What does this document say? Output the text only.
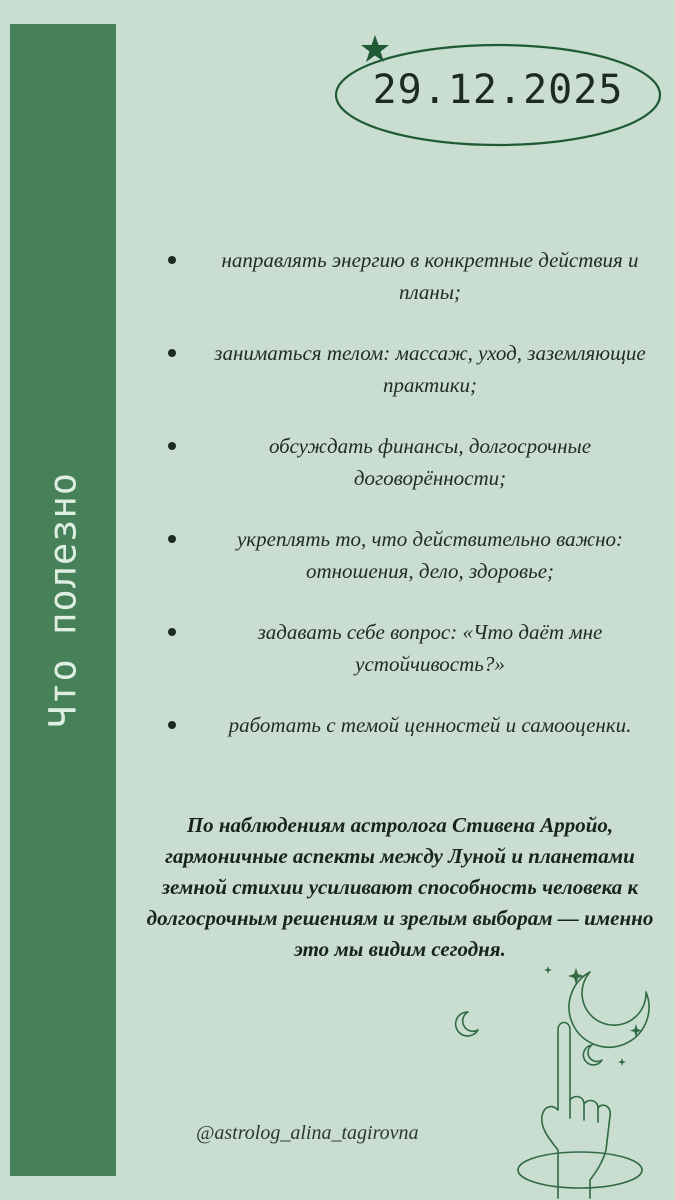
Что полезно
29.12.2025
направлять энергию в конкретные действия и планы;
заниматься телом: массаж, уход, заземляющие практики;
обсуждать финансы, долгосрочные договорённости;
укреплять то, что действительно важно: отношения, дело, здоровье;
задавать себе вопрос: «Что даёт мне устойчивость?»
работать с темой ценностей и самооценки.

По наблюдениям астролога Стивена Арройо, гармоничные аспекты между Луной и планетами земной стихии усиливают способность человека к долгосрочным решениям и зрелым выборам — именно это мы видим сегодня.

@astrolog_alina_tagirovna
